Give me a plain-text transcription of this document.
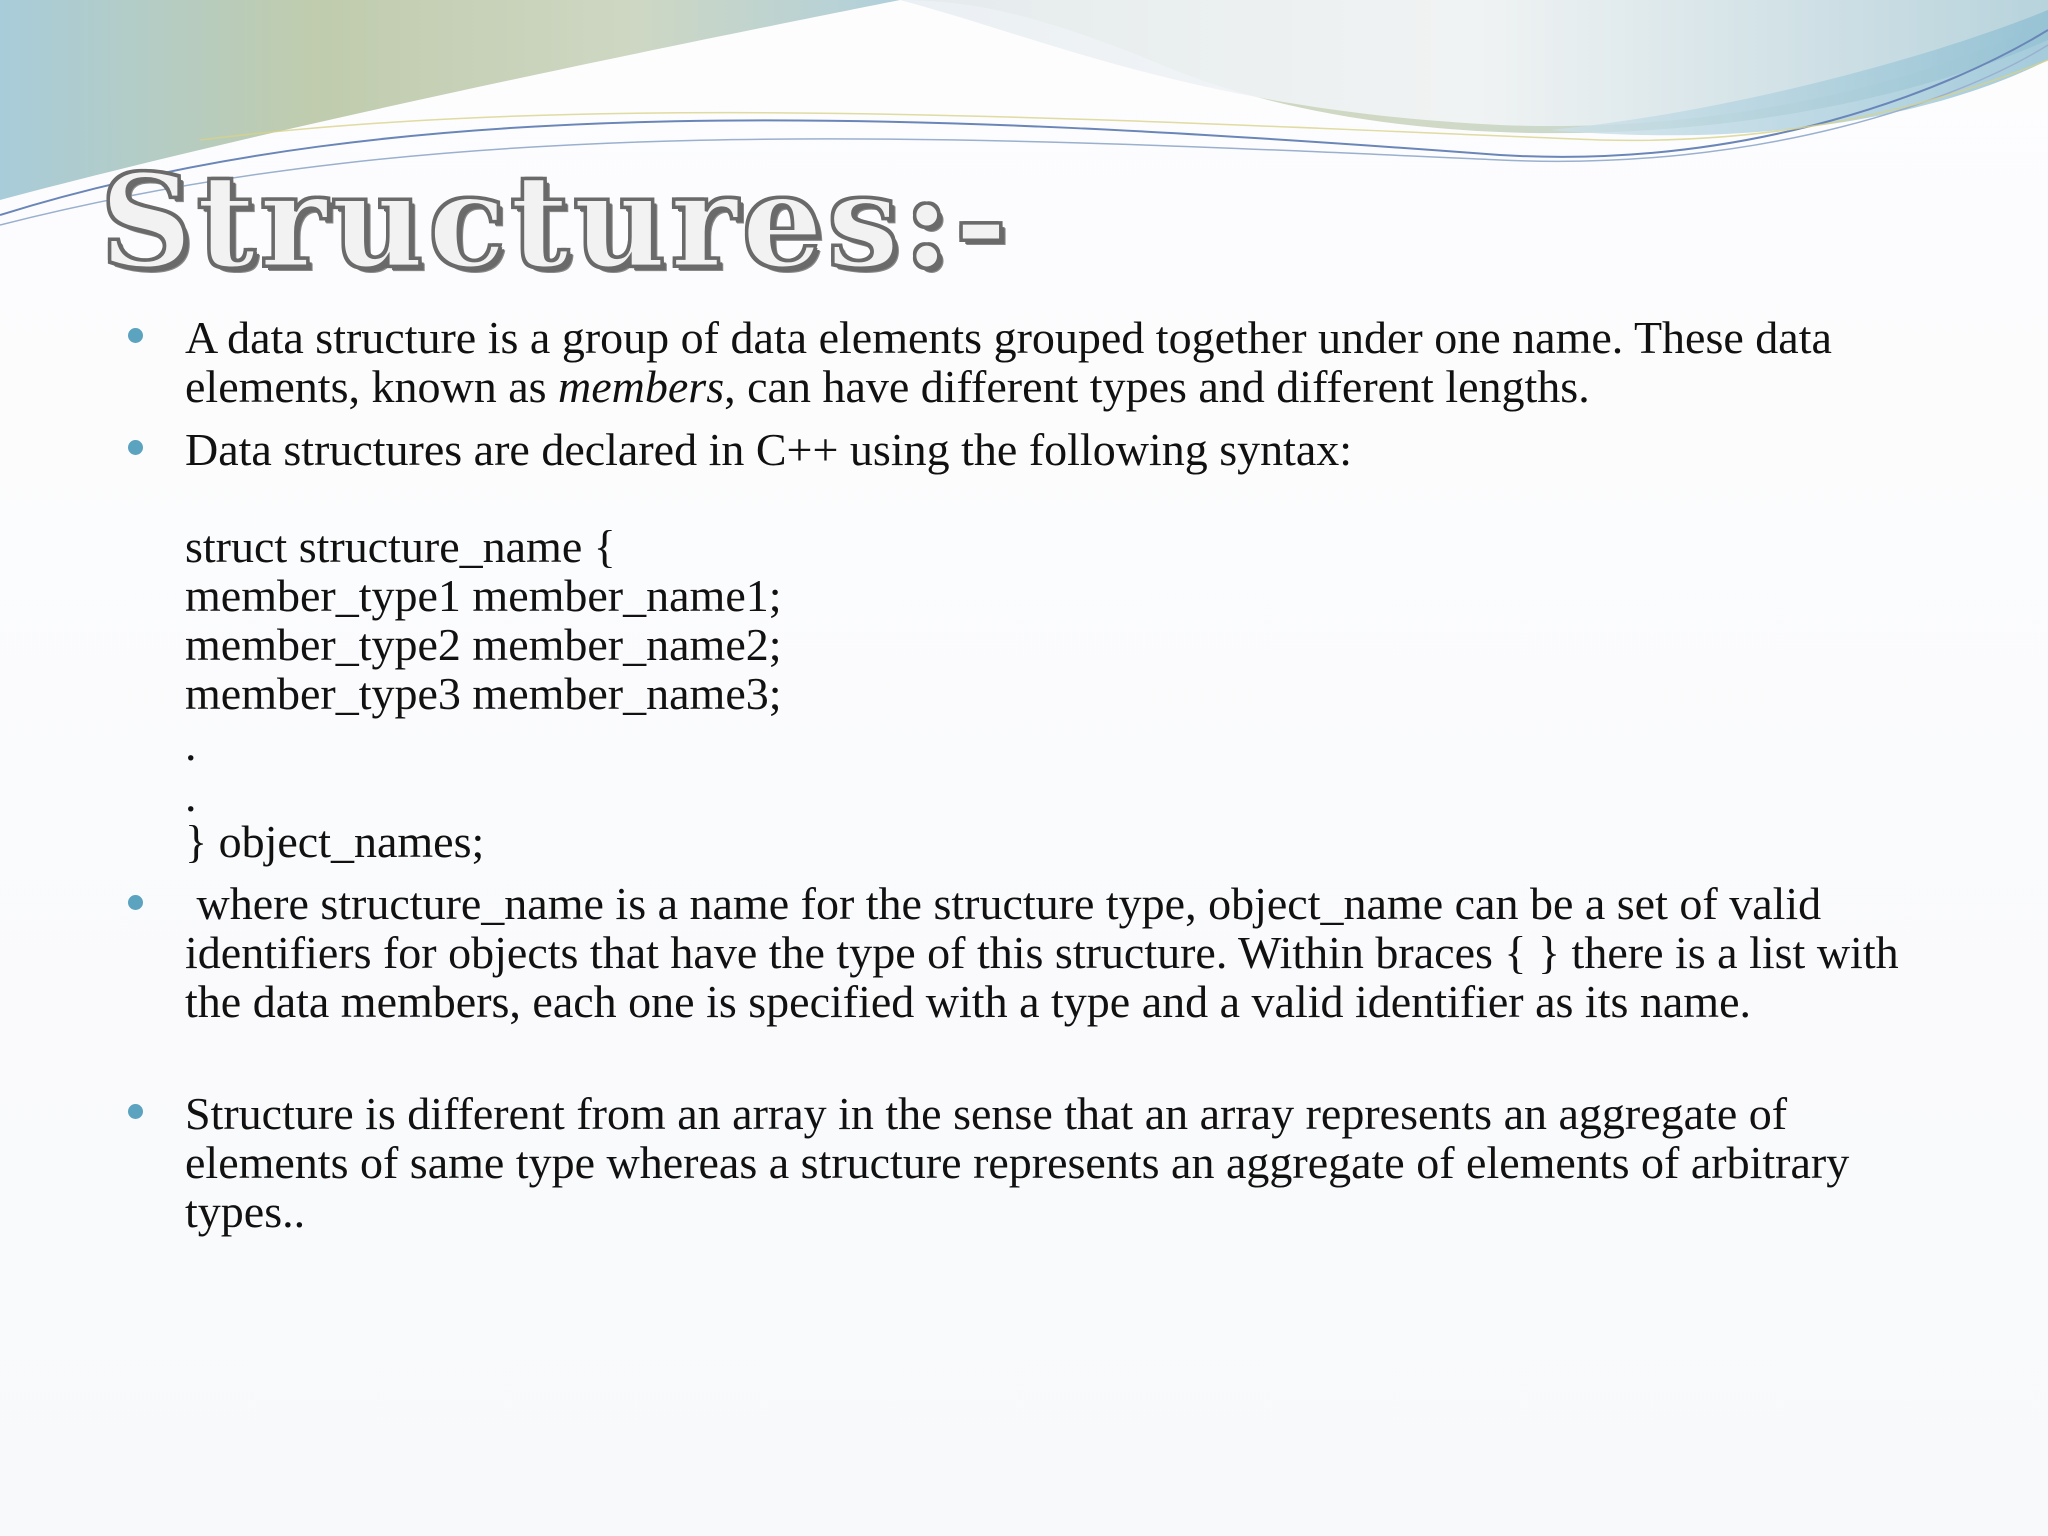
Structures:-
A data structure is a group of data elements grouped together under one name. These data elements, known as members, can have different types and different lengths.
Data structures are declared in C++ using the following syntax:
struct structure_name {
member_type1 member_name1;
member_type2 member_name2;
member_type3 member_name3;
.
.
} object_names;
where structure_name is a name for the structure type, object_name can be a set of valid identifiers for objects that have the type of this structure. Within braces { } there is a list with the data members, each one is specified with a type and a valid identifier as its name.
Structure is different from an array in the sense that an array represents an aggregate of elements of same type whereas a structure represents an aggregate of elements of arbitrary types..
